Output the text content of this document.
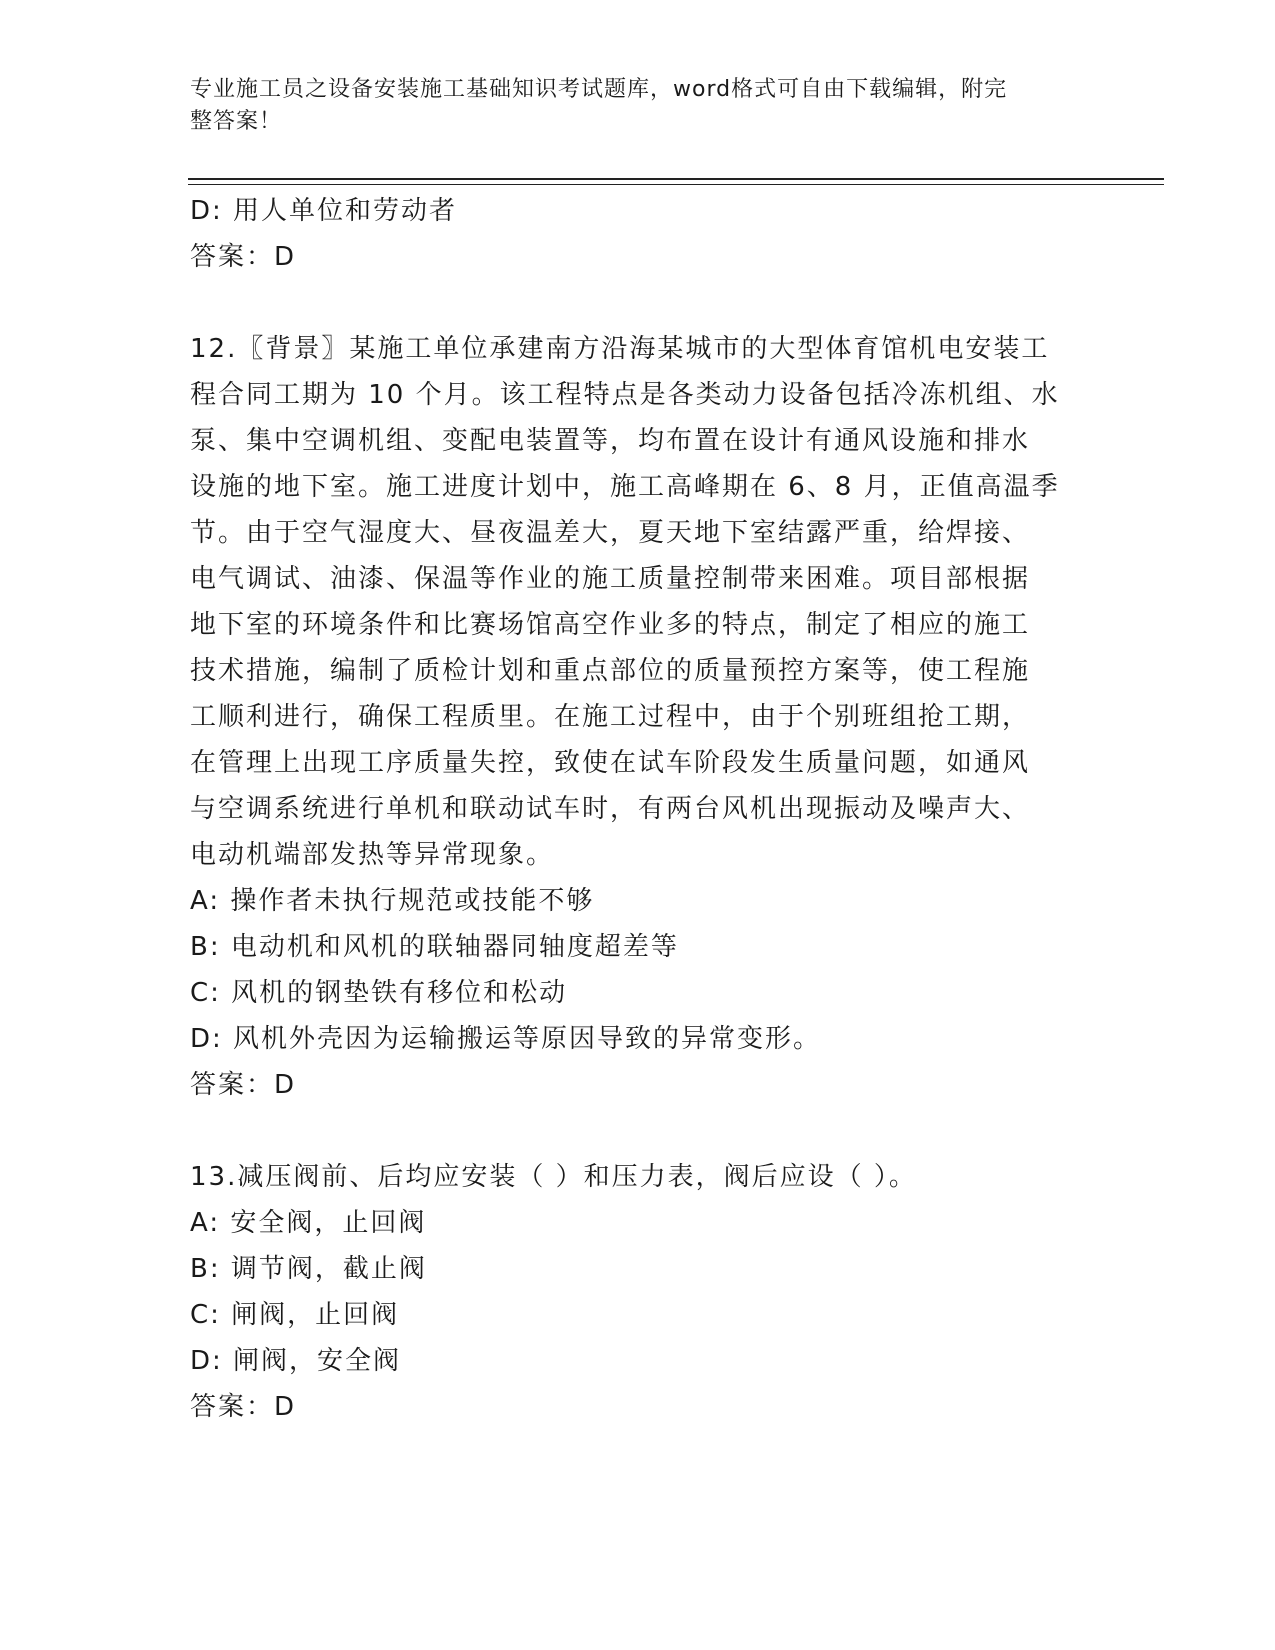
专业施工员之设备安装施工基础知识考试题库，word格式可自由下载编辑，附完
整答案！

D: 用人单位和劳动者

答案：D

12.〖背景〗某施工单位承建南方沿海某城市的大型体育馆机电安装工

程合同工期为 10 个月。该工程特点是各类动力设备包括冷冻机组、水

泵、集中空调机组、变配电装置等，均布置在设计有通风设施和排水

设施的地下室。施工进度计划中，施工高峰期在 6、8 月，正值高温季

节。由于空气湿度大、昼夜温差大，夏天地下室结露严重，给焊接、

电气调试、油漆、保温等作业的施工质量控制带来困难。项目部根据

地下室的环境条件和比赛场馆高空作业多的特点，制定了相应的施工

技术措施，编制了质检计划和重点部位的质量预控方案等，使工程施

工顺利进行，确保工程质里。在施工过程中，由于个别班组抢工期，

在管理上出现工序质量失控，致使在试车阶段发生质量问题，如通风

与空调系统进行单机和联动试车时，有两台风机出现振动及噪声大、

电动机端部发热等异常现象。

A: 操作者未执行规范或技能不够

B: 电动机和风机的联轴器同轴度超差等

C: 风机的钢垫铁有移位和松动

D: 风机外壳因为运输搬运等原因导致的异常变形。

答案：D

13.减压阀前、后均应安装（ ）和压力表，阀后应设（ ）。

A: 安全阀，止回阀

B: 调节阀，截止阀

C: 闸阀，止回阀

D: 闸阀，安全阀

答案：D
